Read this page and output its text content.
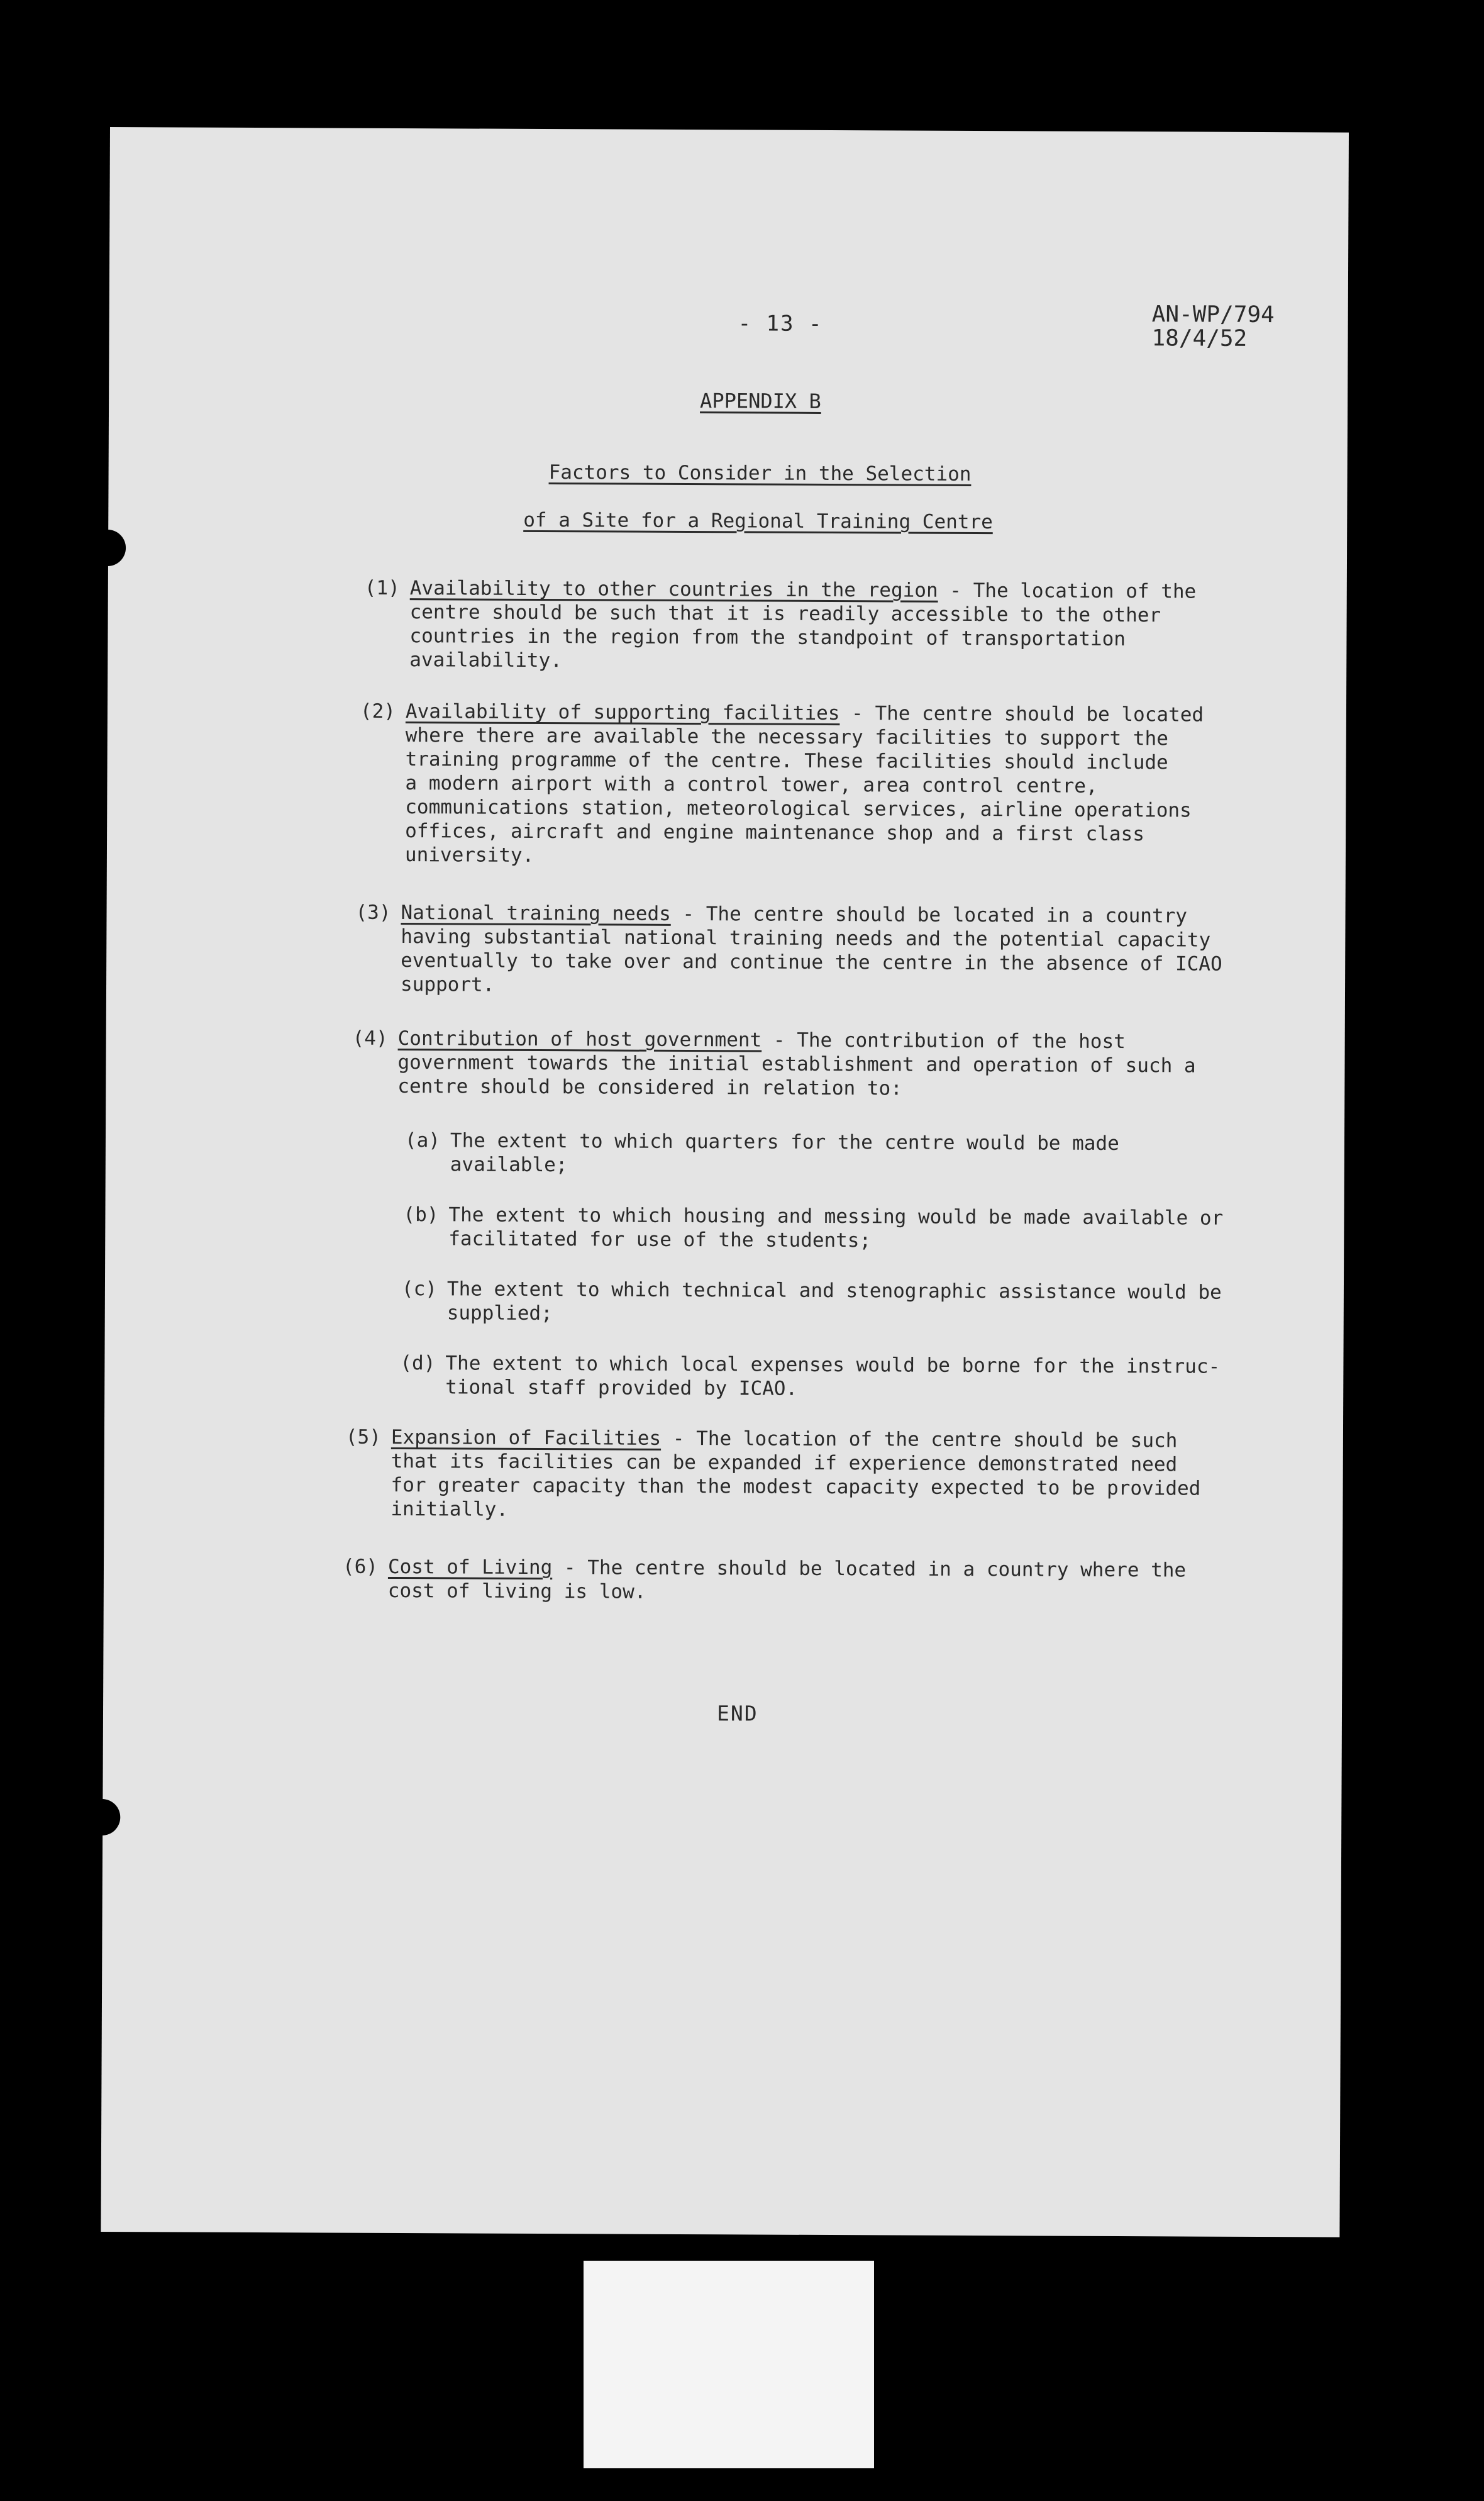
- 13 -	AN-WP/794
18/4/52
APPENDIX B
Factors to Consider in the Selection
of a Site for a Regional Training Centre
(1) Availability to other countries in the region - The location of the
centre should be such that it is readily accessible to the other
countries in the region from the standpoint of transportation
availability.
(2) Availability of supporting facilities - The centre should be located
where there are available the necessary facilities to support the
training programme of the centre. These facilities should include
a modern airport with a control tower, area control centre,
communications station, meteorological services, airline operations
offices, aircraft and engine maintenance shop and a first class
university.
(3) National training needs - The centre should be located in a country
having substantial national training needs and the potential capacity
eventually to take over and continue the centre in the absence of ICAO
support.
(4) Contribution of host government - The contribution of the host
government towards the initial establishment and operation of such a
centre should be considered in relation to:
(a) The extent to which quarters for the centre would be made
available;
(b) The extent to which housing and messing would be made available or
facilitated for use of the students;
(c) The extent to which technical and stenographic assistance would be
supplied;
(d) The extent to which local expenses would be borne for the instruc-
tional staff provided by ICAO.
(5) Expansion of Facilities - The location of the centre should be such
that its facilities can be expanded if experience demonstrated need
for greater capacity than the modest capacity expected to be provided
initially.
(6) Cost of Living - The centre should be located in a country where the
cost of living is low.
END
